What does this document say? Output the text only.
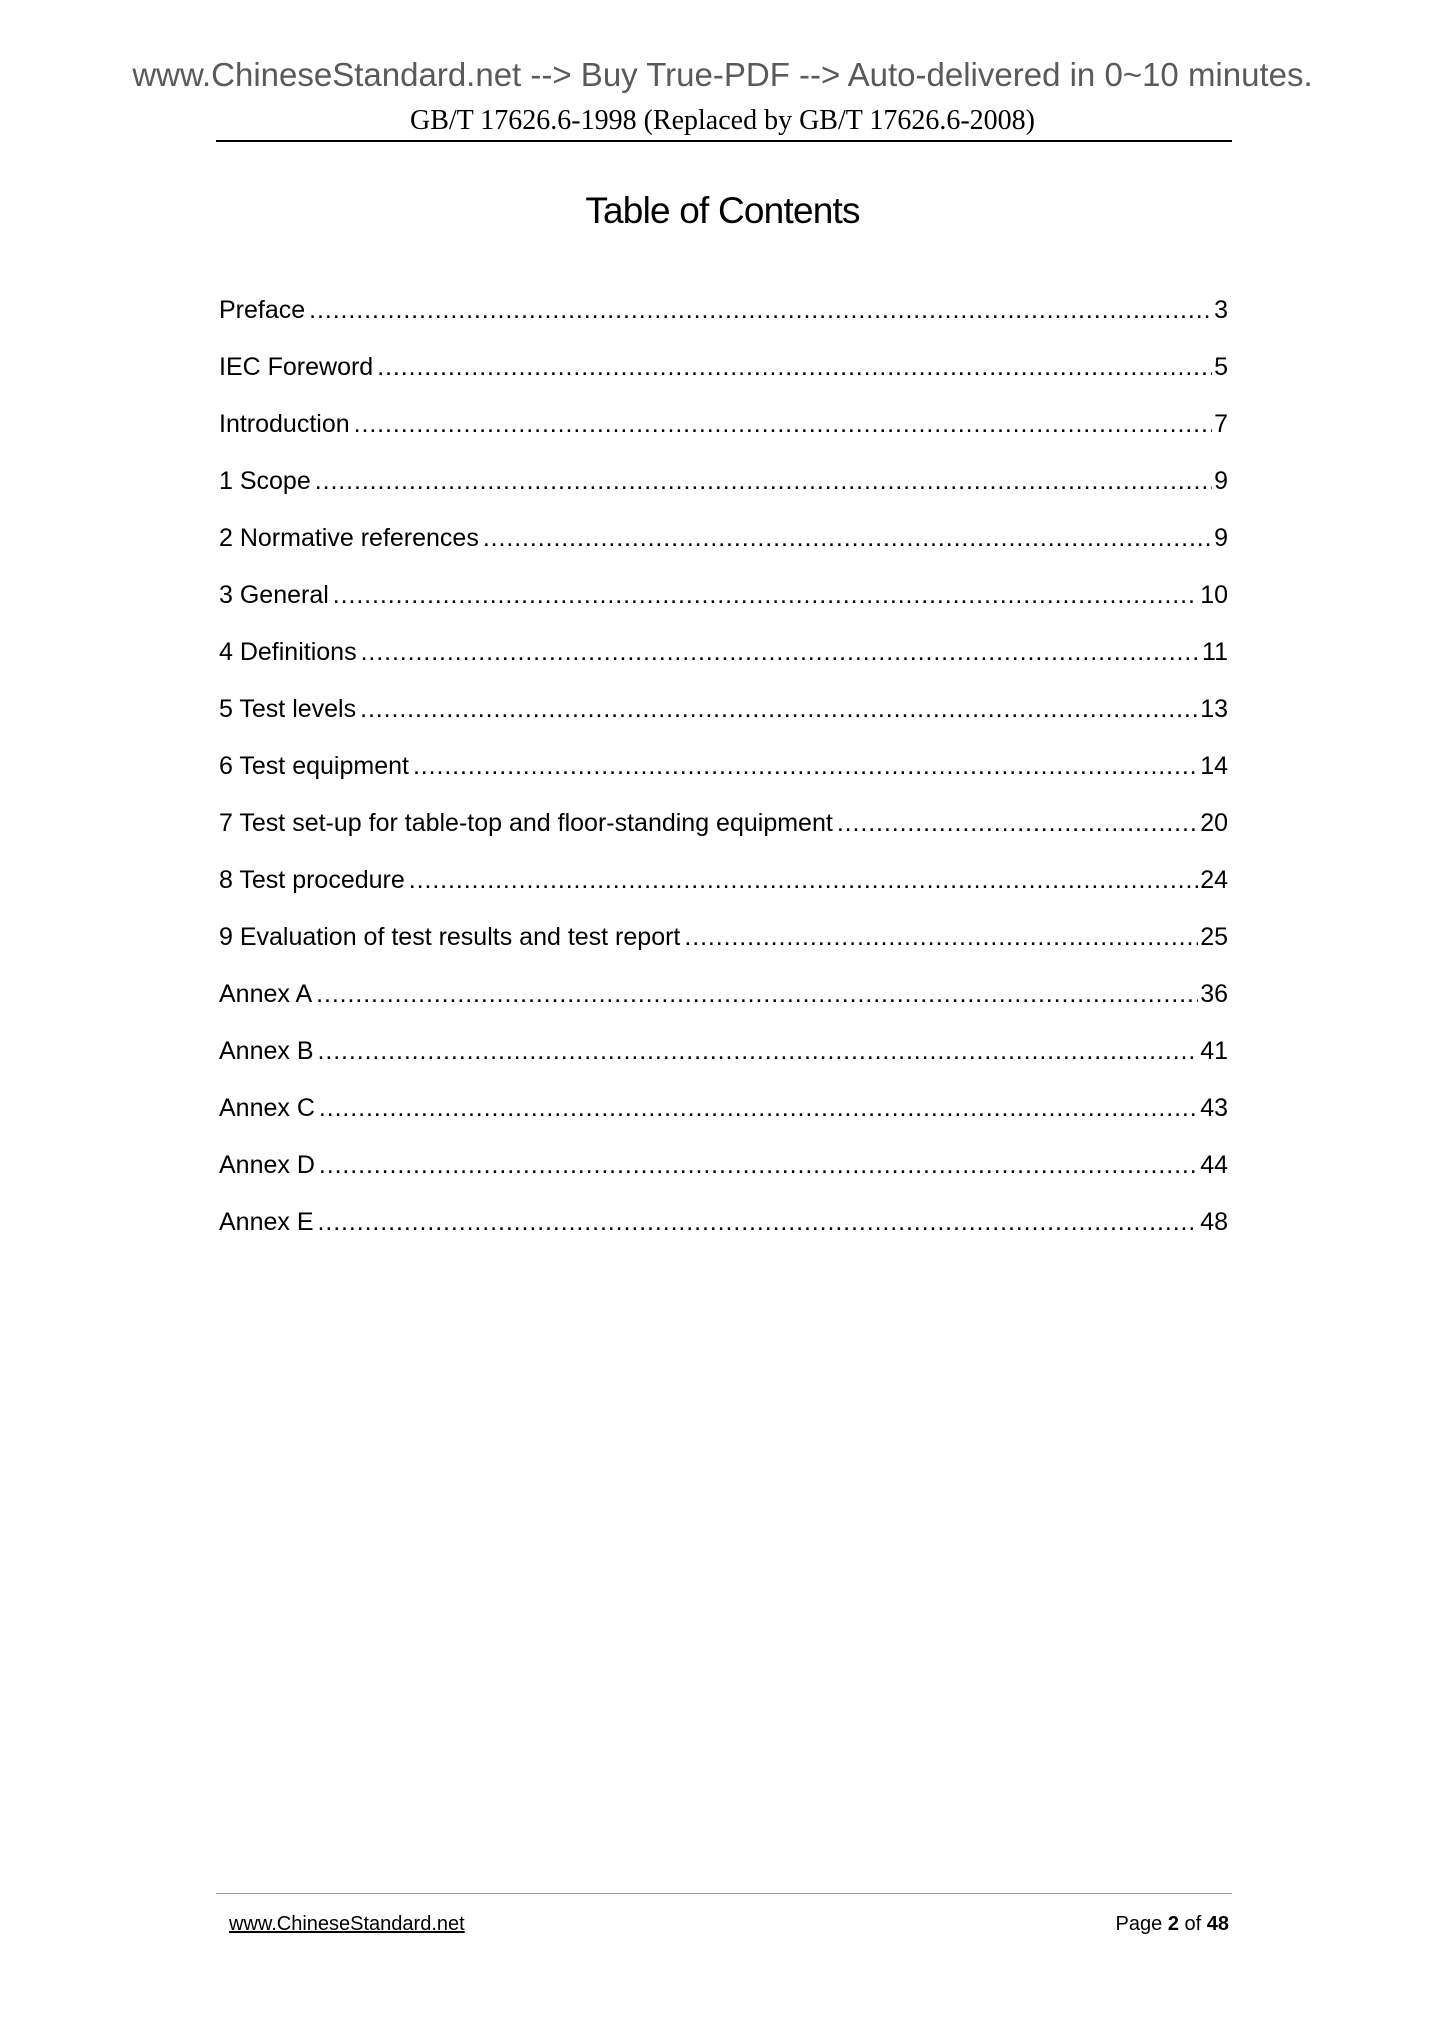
www.ChineseStandard.net --> Buy True-PDF --> Auto-delivered in 0~10 minutes.
GB/T 17626.6-1998 (Replaced by GB/T 17626.6-2008)
Table of Contents
Preface .....	3
IEC Foreword .....	5
Introduction .....	7
1 Scope .....	9
2 Normative references .....	9
3 General .....	10
4 Definitions .....	11
5 Test levels .....	13
6 Test equipment .....	14
7 Test set-up for table-top and floor-standing equipment .....	20
8 Test procedure .....	24
9 Evaluation of test results and test report .....	25
Annex A .....	36
Annex B .....	41
Annex C .....	43
Annex D .....	44
Annex E .....	48
www.ChineseStandard.net	Page 2 of 48
